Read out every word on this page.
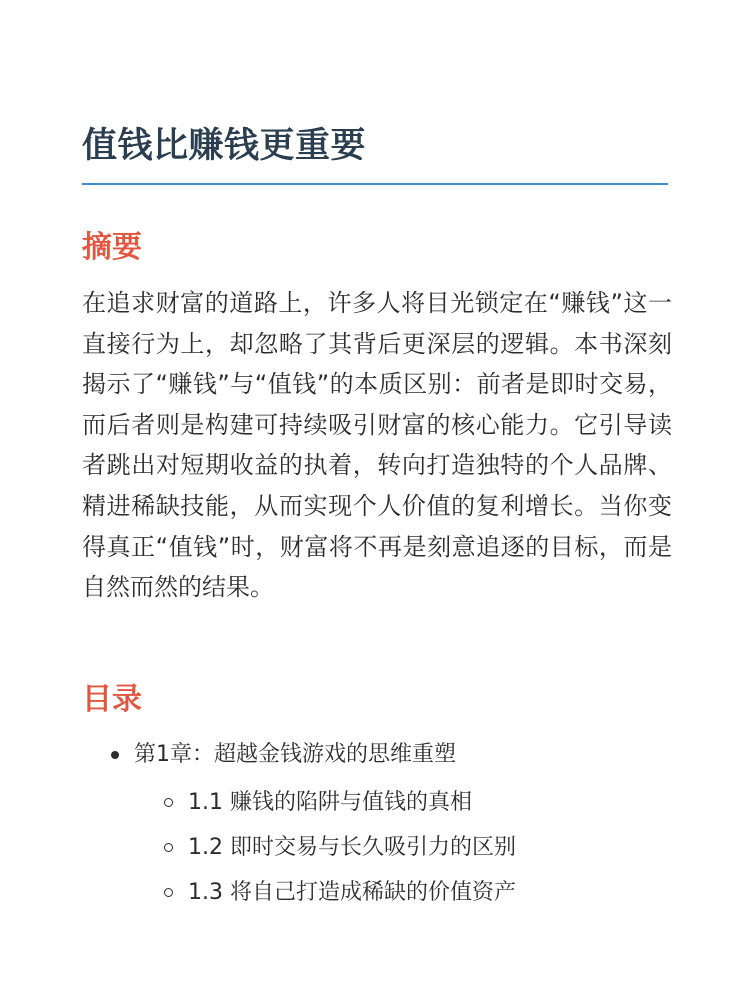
值钱比赚钱更重要
摘要

在追求财富的道路上，许多人将目光锁定在“赚钱”这一直接行为上，却忽略了其背后更深层的逻辑。本书深刻揭示了“赚钱”与“值钱”的本质区别：前者是即时交易，而后者则是构建可持续吸引财富的核心能力。它引导读者跳出对短期收益的执着，转向打造独特的个人品牌、精进稀缺技能，从而实现个人价值的复利增长。当你变得真正“值钱”时，财富将不再是刻意追逐的目标，而是自然而然的结果。

目录
第1章：超越金钱游戏的思维重塑
1.1 赚钱的陷阱与值钱的真相
1.2 即时交易与长久吸引力的区别
1.3 将自己打造成稀缺的价值资产
